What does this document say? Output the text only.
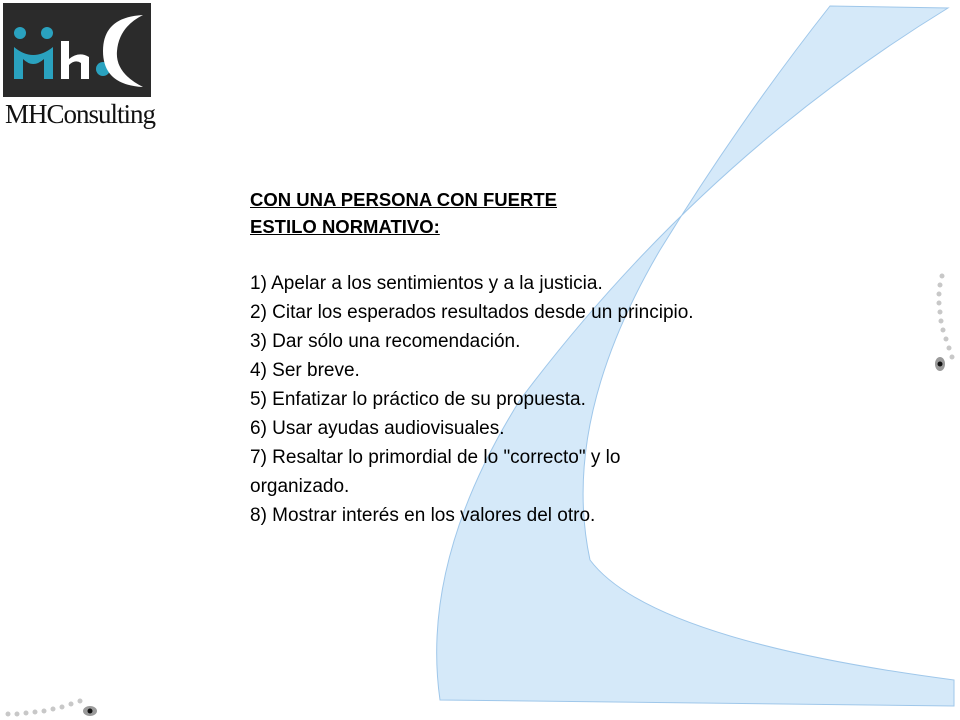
MHConsulting

CON UNA PERSONA CON FUERTE
ESTILO NORMATIVO:

1) Apelar a los sentimientos y a la justicia.
2) Citar los esperados resultados desde un principio.
3) Dar sólo una recomendación.
4) Ser breve.
5) Enfatizar lo práctico de su propuesta.
6) Usar ayudas audiovisuales.
7) Resaltar lo primordial de lo "correcto" y lo organizado.
8) Mostrar interés en los valores del otro.
